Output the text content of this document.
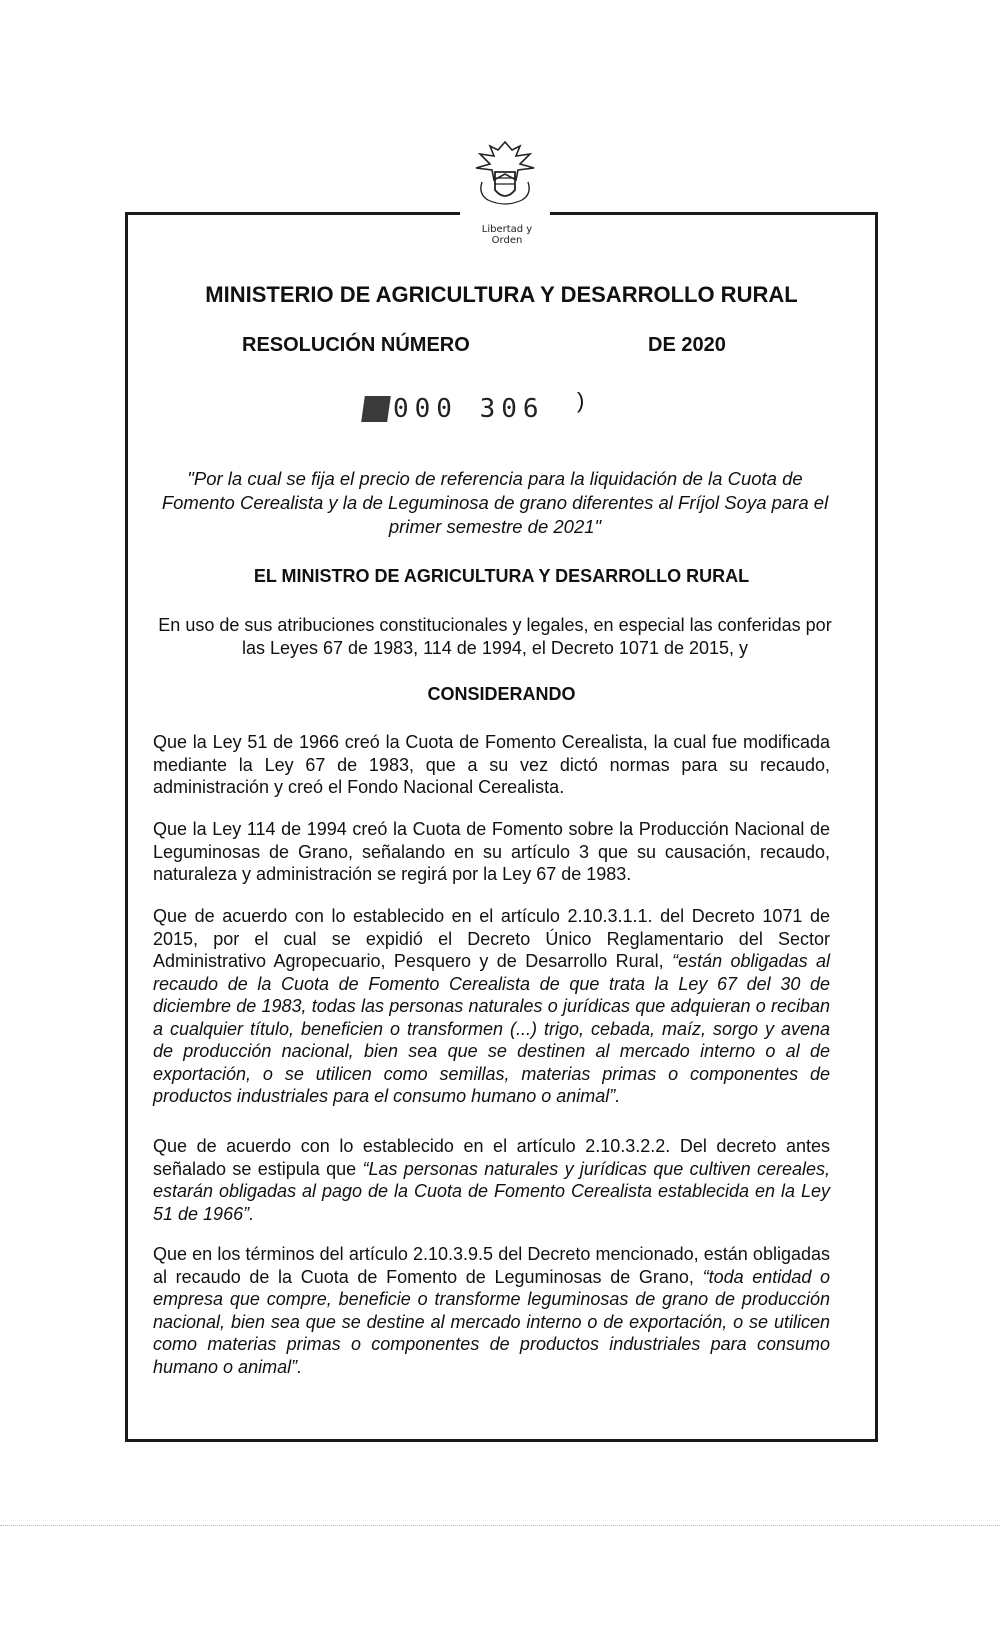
Libertad y Orden
MINISTERIO DE AGRICULTURA Y DESARROLLO RURAL
RESOLUCIÓN NÚMERO	DE 2020
000 306 )
"Por la cual se fija el precio de referencia para la liquidación de la Cuota de Fomento Cerealista y la de Leguminosa de grano diferentes al Fríjol Soya para el primer semestre de 2021"
EL MINISTRO DE AGRICULTURA Y DESARROLLO RURAL
En uso de sus atribuciones constitucionales y legales, en especial las conferidas por las Leyes 67 de 1983, 114 de 1994, el Decreto 1071 de 2015, y
CONSIDERANDO
Que la Ley 51 de 1966 creó la Cuota de Fomento Cerealista, la cual fue modificada mediante la Ley 67 de 1983, que a su vez dictó normas para su recaudo, administración y creó el Fondo Nacional Cerealista.
Que la Ley 114 de 1994 creó la Cuota de Fomento sobre la Producción Nacional de Leguminosas de Grano, señalando en su artículo 3 que su causación, recaudo, naturaleza y administración se regirá por la Ley 67 de 1983.
Que de acuerdo con lo establecido en el artículo 2.10.3.1.1. del Decreto 1071 de 2015, por el cual se expidió el Decreto Único Reglamentario del Sector Administrativo Agropecuario, Pesquero y de Desarrollo Rural, “están obligadas al recaudo de la Cuota de Fomento Cerealista de que trata la Ley 67 del 30 de diciembre de 1983, todas las personas naturales o jurídicas que adquieran o reciban a cualquier título, beneficien o transformen (...) trigo, cebada, maíz, sorgo y avena de producción nacional, bien sea que se destinen al mercado interno o al de exportación, o se utilicen como semillas, materias primas o componentes de productos industriales para el consumo humano o animal”.
Que de acuerdo con lo establecido en el artículo 2.10.3.2.2. Del decreto antes señalado se estipula que “Las personas naturales y jurídicas que cultiven cereales, estarán obligadas al pago de la Cuota de Fomento Cerealista establecida en la Ley 51 de 1966”.
Que en los términos del artículo 2.10.3.9.5 del Decreto mencionado, están obligadas al recaudo de la Cuota de Fomento de Leguminosas de Grano, “toda entidad o empresa que compre, beneficie o transforme leguminosas de grano de producción nacional, bien sea que se destine al mercado interno o de exportación, o se utilicen como materias primas o componentes de productos industriales para consumo humano o animal”.
